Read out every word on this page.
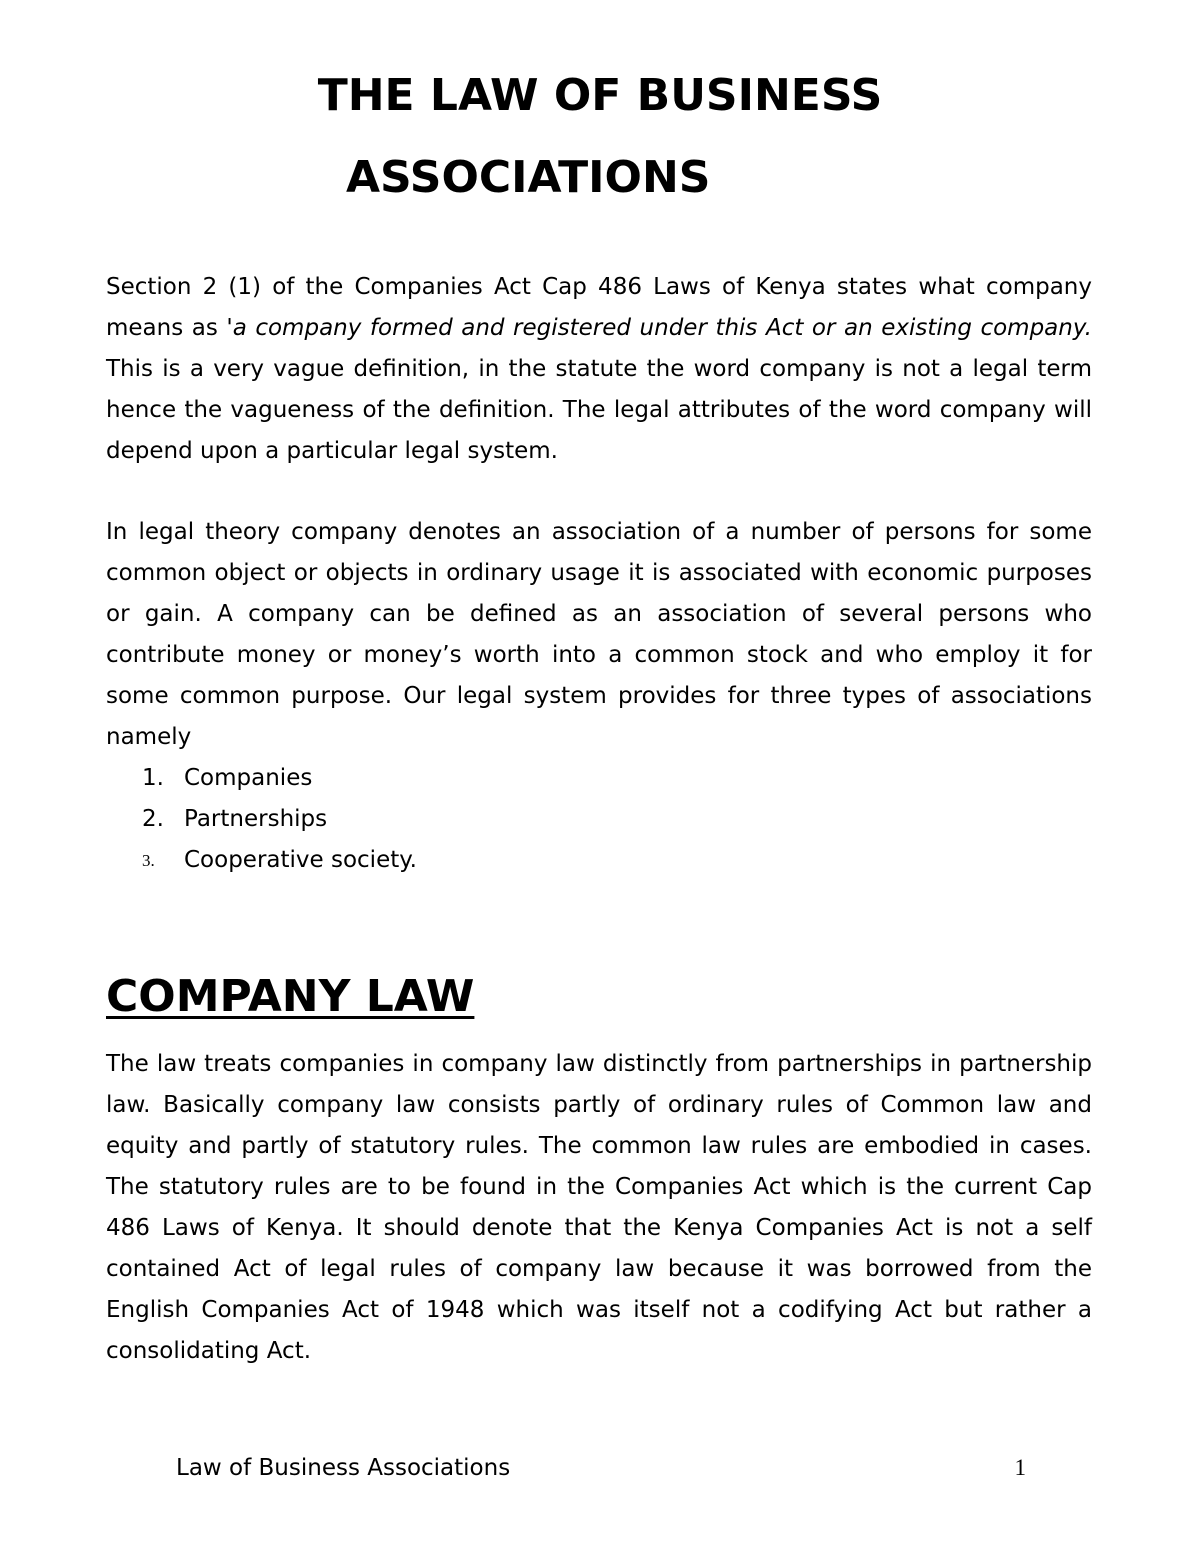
THE LAW OF BUSINESS
ASSOCIATIONS

Section 2 (1) of the Companies Act Cap 486 Laws of Kenya states what company means as 'a company formed and registered under this Act or an existing company. This is a very vague definition, in the statute the word company is not a legal term hence the vagueness of the definition. The legal attributes of the word company will depend upon a particular legal system.

In legal theory company denotes an association of a number of persons for some common object or objects in ordinary usage it is associated with economic purposes or gain. A company can be defined as an association of several persons who contribute money or money’s worth into a common stock and who employ it for some common purpose. Our legal system provides for three types of associations namely

1. Companies
2. Partnerships
3. Cooperative society.
COMPANY LAW

The law treats companies in company law distinctly from partnerships in partnership law. Basically company law consists partly of ordinary rules of Common law and equity and partly of statutory rules. The common law rules are embodied in cases. The statutory rules are to be found in the Companies Act which is the current Cap 486 Laws of Kenya. It should denote that the Kenya Companies Act is not a self contained Act of legal rules of company law because it was borrowed from the English Companies Act of 1948 which was itself not a codifying Act but rather a consolidating Act.

Law of Business Associations	1
